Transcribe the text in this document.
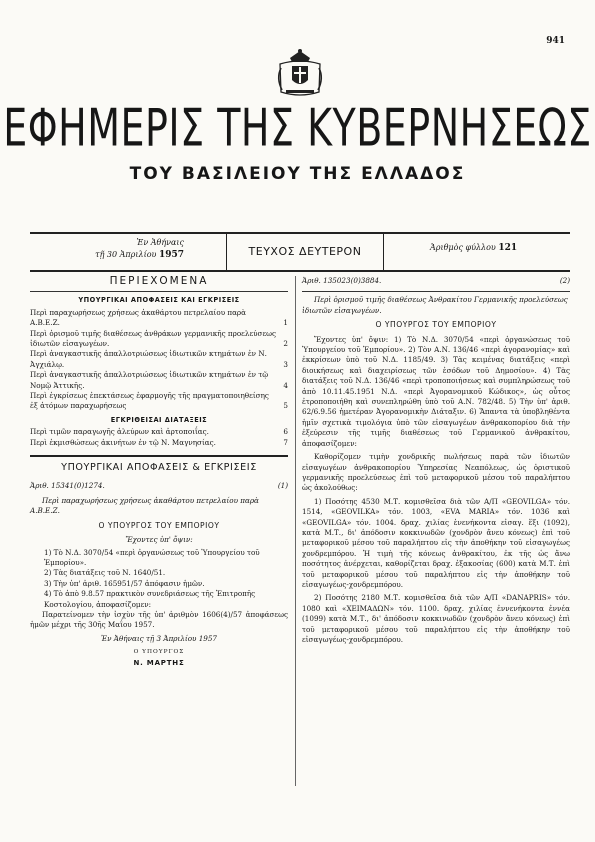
941
ΕΦΗΜΕΡΙΣ ΤΗΣ ΚΥΒΕΡΝΗΣΕΩΣ
ΤΟΥ ΒΑΣΙΛΕΙΟΥ ΤΗΣ ΕΛΛΑΔΟΣ
Ἐν Ἀθήναις
τῇ 30 Ἀπριλίου 1957	ΤΕΥΧΟΣ ΔΕΥΤΕΡΟΝ	Ἀριθμὸς φύλλου 121
ΠΕΡΙΕΧΟΜΕΝΑ
ΥΠΟΥΡΓΙΚΑΙ ΑΠΟΦΑΣΕΙΣ ΚΑΙ ΕΓΚΡΙΣΕΙΣ
Περὶ παραχωρήσεως χρήσεως ἀκαθάρτου πετρελαίου παρὰ Α.Β.Ε.Ζ.	1
Περὶ ὁρισμοῦ τιμῆς διαθέσεως ἀνθράκων γερμανικῆς προελεύσεως ἰδιωτῶν εἰσαγωγέων.	2
Περὶ ἀναγκαστικῆς ἀπαλλοτριώσεως ἰδιωτικῶν κτημάτων ἐν Ν. Ἀγχιάλῳ.	3
Περὶ ἀναγκαστικῆς ἀπαλλοτριώσεως ἰδιωτικῶν κτημάτων ἐν τῷ Νομῷ Ἀττικῆς.	4
Περὶ ἐγκρίσεως ἐπεκτάσεως ἐφαρμογῆς τῆς πραγματοποιηθείσης ἐξ ἀτόμων παραχωρήσεως	5
ΕΓΚΡΙΘΕΙΣΑΙ ΔΙΑΤΑΞΕΙΣ
Περὶ τιμῶν παραγωγῆς ἀλεύρων καὶ ἀρτοποιΐας.	6
Περὶ ἐκμισθώσεως ἀκινήτων ἐν τῷ Ν. Μαγνησίας.	7
ΥΠΟΥΡΓΙΚΑΙ ΑΠΟΦΑΣΕΙΣ & ΕΓΚΡΙΣΕΙΣ
Ἀριθ. 15341(0)1274.	(1)
Περὶ παραχωρήσεως χρήσεως ἀκαθάρτου πετρελαίου παρὰ Α.Β.Ε.Ζ.
Ο ΥΠΟΥΡΓΟΣ ΤΟΥ ΕΜΠΟΡΙΟΥ
Ἔχοντες ὑπ' ὄψιν:
1) Τὸ Ν.Δ. 3070/54 «περὶ ὀργανώσεως τοῦ Ὑπουργείου τοῦ Ἐμπορίου».
2) Τὰς διατάξεις τοῦ Ν. 1640/51.
3) Τὴν ὑπ' ἀριθ. 165951/57 ἀπόφασιν ἡμῶν.
4) Τὸ ἀπὸ 9.8.57 πρακτικὸν συνεδριάσεως τῆς Ἐπιτροπῆς Κοστολογίου, ἀποφασίζομεν:
Παρατείνομεν τὴν ἰσχὺν τῆς ὑπ' ἀριθμὸν 1606(4)/57 ἀποφάσεως ἡμῶν μέχρι τῆς 30ῆς Μαΐου 1957.
Ἐν Ἀθήναις τῇ 3 Ἀπριλίου 1957
Ο ΥΠΟΥΡΓΟΣ
Ν. ΜΑΡΤΗΣ
Ἀριθ. 135023(0)3884.	(2)
Περὶ ὁρισμοῦ τιμῆς διαθέσεως Ἀνθρακίτου Γερμανικῆς προελεύσεως ἰδιωτῶν εἰσαγωγέων.
Ο ΥΠΟΥΡΓΟΣ ΤΟΥ ΕΜΠΟΡΙΟΥ
Ἔχοντες ὑπ' ὄψιν: 1) Τὸ Ν.Δ. 3070/54 «περὶ ὀργανώσεως τοῦ Ὑπουργείου τοῦ Ἐμπορίου». 2) Τὸν Α.Ν. 136/46 «περὶ ἀγορανομίας» καὶ ἐκκρίσεων ὑπὸ τοῦ Ν.Δ. 1185/49. 3) Τὰς κειμένας διατάξεις «περὶ διοικήσεως καὶ διαχειρίσεως τῶν ἐσόδων τοῦ Δημοσίου». 4) Τὰς διατάξεις τοῦ Ν.Δ. 136/46 «περὶ τροποποιήσεως καὶ συμπληρώσεως τοῦ ἀπὸ 10.11.45.1951 Ν.Δ. «περὶ Ἀγορανομικοῦ Κώδικος», ὡς οὗτος ἐτροποποιήθη καὶ συνεπληρώθη ὑπὸ τοῦ Α.Ν. 782/48. 5) Τὴν ὑπ' ἀριθ. 62/6.9.56 ἡμετέραν Ἀγορανομικὴν Διάταξιν. 6) Ἅπαντα τὰ ὑποβληθέντα ἡμῖν σχετικὰ τιμολόγια ὑπὸ τῶν εἰσαγωγέων ἀνθρακοπορίου διὰ τὴν ἐξεύρεσιν τῆς τιμῆς διαθέσεως τοῦ Γερμανικοῦ ἀνθρακίτου, ἀποφασίζομεν:
Καθορίζομεν τιμὴν χονδρικῆς πωλήσεως παρὰ τῶν ἰδιωτῶν εἰσαγωγέων ἀνθρακοπορίου Ὑπηρεσίας Νεαπόλεως, ὡς ὁριστικοῦ γερμανικῆς προελεύσεως ἐπὶ τοῦ μεταφορικοῦ μέσου τοῦ παραλήπτου ὡς ἀκολούθως:
1) Ποσότης 4530 Μ.Τ. κομισθεῖσα διὰ τῶν Α/Π «GEOVILGA» τόν. 1514, «GEOVILKA» τόν. 1003, «EVA MARIA» τόν. 1036 καὶ «GEOVILGA» τόν. 1004. δραχ. χιλίας ἑνενήκοντα εἰσαγ. ἕξι (1092), κατὰ Μ.Τ., δι' ἀπόδοσιν κοκκινωδῶν (χονδρὸν ἄνευ κόνεως) ἐπὶ τοῦ μεταφορικοῦ μέσου τοῦ παραλήπτου εἰς τὴν ἀποθήκην τοῦ εἰσαγωγέως χονδρεμπόρου. Ἡ τιμὴ τῆς κόνεως ἀνθρακίτου, ἐκ τῆς ὡς ἄνω ποσότητος ἀνέρχεται, καθορίζεται δραχ. ἐξακοσίας (600) κατὰ Μ.Τ. ἐπὶ τοῦ μεταφορικοῦ μέσου τοῦ παραλήπτου εἰς τὴν ἀποθήκην τοῦ εἰσαγωγέως-χονδρεμπόρου.
2) Ποσότης 2180 Μ.Τ. κομισθεῖσα διὰ τῶν Α/Π «DANAPRIS» τόν. 1080 καὶ «ΧΕΙΜΑΔΩΝ» τόν. 1100. δραχ. χιλίας ἐννενήκοντα ἐννέα (1099) κατὰ Μ.Τ., δι' ἀπόδοσιν κοκκινωδῶν (χονδρὸν ἄνευ κόνεως) ἐπὶ τοῦ μεταφορικοῦ μέσου τοῦ παραλήπτου εἰς τὴν ἀποθήκην τοῦ εἰσαγωγέως-χονδρεμπόρου.
